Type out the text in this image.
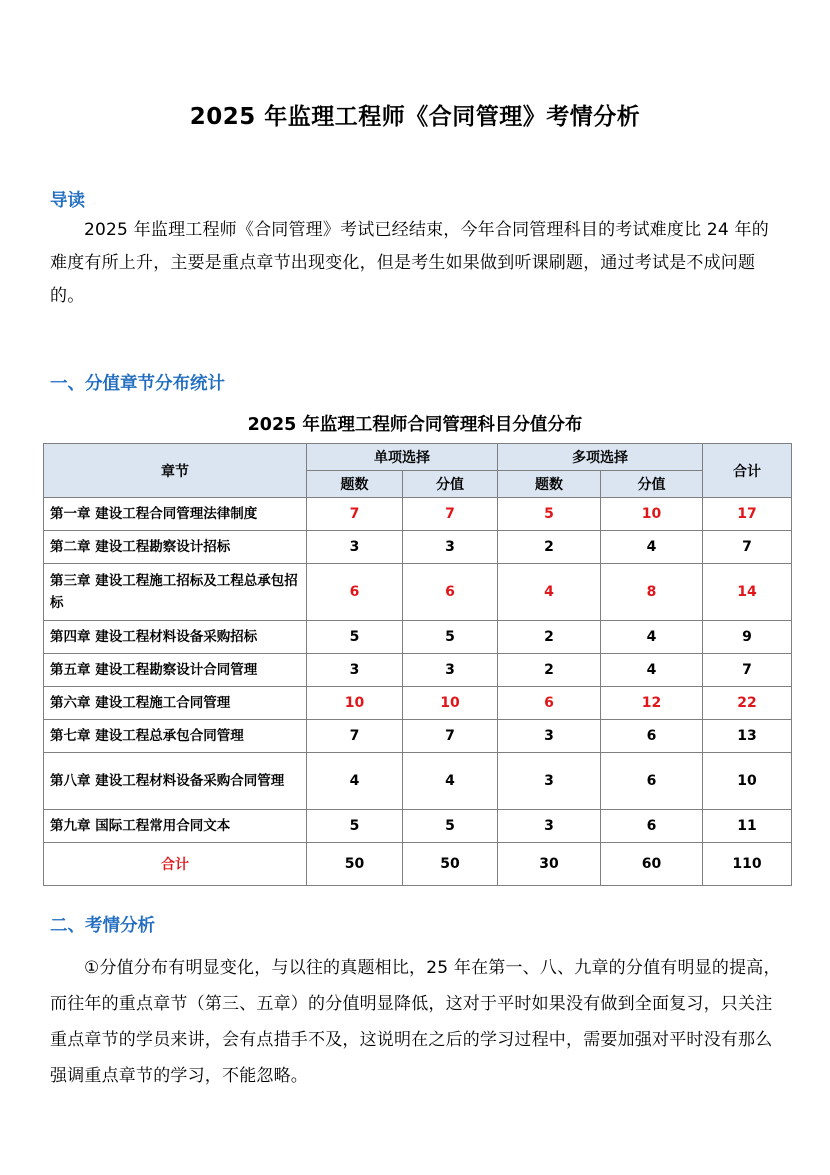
2025 年监理工程师《合同管理》考情分析
导读
2025 年监理工程师《合同管理》考试已经结束，今年合同管理科目的考试难度比 24 年的难度有所上升，主要是重点章节出现变化，但是考生如果做到听课刷题，通过考试是不成问题的。
一、分值章节分布统计
2025 年监理工程师合同管理科目分值分布
章节	单项选择		多项选择		合计
	题数	分值	题数	分值	
第一章 建设工程合同管理法律制度	7	7	5	10	17
第二章 建设工程勘察设计招标	3	3	2	4	7
第三章 建设工程施工招标及工程总承包招标	6	6	4	8	14
第四章 建设工程材料设备采购招标	5	5	2	4	9
第五章 建设工程勘察设计合同管理	3	3	2	4	7
第六章 建设工程施工合同管理	10	10	6	12	22
第七章 建设工程总承包合同管理	7	7	3	6	13
第八章 建设工程材料设备采购合同管理	4	4	3	6	10
第九章 国际工程常用合同文本	5	5	3	6	11
合计	50	50	30	60	110
二、考情分析
①分值分布有明显变化，与以往的真题相比，25 年在第一、八、九章的分值有明显的提高，而往年的重点章节（第三、五章）的分值明显降低，这对于平时如果没有做到全面复习，只关注重点章节的学员来讲，会有点措手不及，这说明在之后的学习过程中，需要加强对平时没有那么强调重点章节的学习，不能忽略。
